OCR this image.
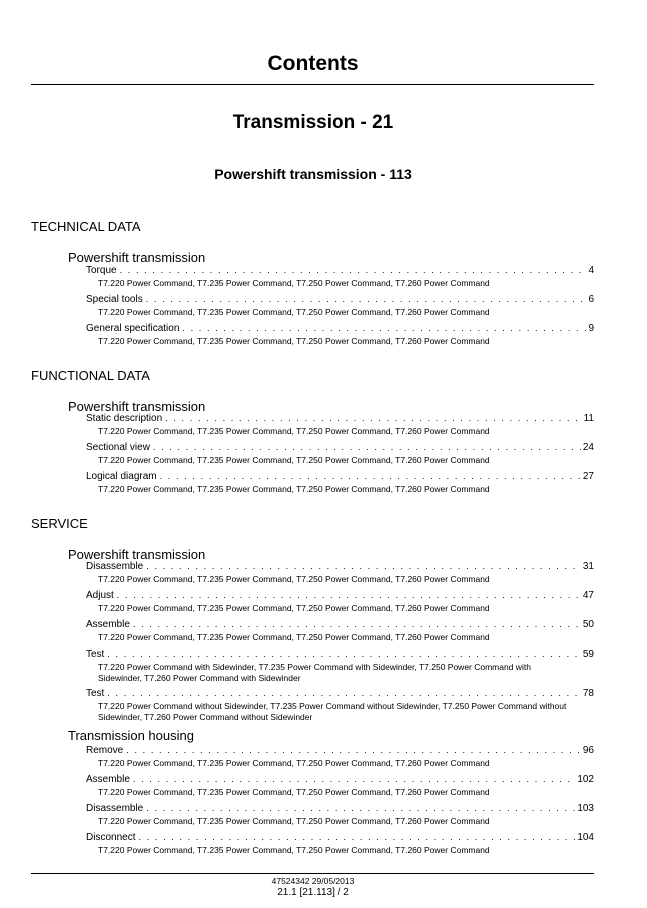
Contents
Transmission - 21
Powershift transmission - 113
TECHNICAL DATA
Powershift transmission
Torque . . .	4
T7.220 Power Command, T7.235 Power Command, T7.250 Power Command, T7.260 Power Command
Special tools . . .	6
T7.220 Power Command, T7.235 Power Command, T7.250 Power Command, T7.260 Power Command
General specification . . .	9
T7.220 Power Command, T7.235 Power Command, T7.250 Power Command, T7.260 Power Command
FUNCTIONAL DATA
Powershift transmission
Static description . . .	11
T7.220 Power Command, T7.235 Power Command, T7.250 Power Command, T7.260 Power Command
Sectional view . . .	24
T7.220 Power Command, T7.235 Power Command, T7.250 Power Command, T7.260 Power Command
Logical diagram . . .	27
T7.220 Power Command, T7.235 Power Command, T7.250 Power Command, T7.260 Power Command
SERVICE
Powershift transmission
Disassemble . . .	31
T7.220 Power Command, T7.235 Power Command, T7.250 Power Command, T7.260 Power Command
Adjust . . .	47
T7.220 Power Command, T7.235 Power Command, T7.250 Power Command, T7.260 Power Command
Assemble . . .	50
T7.220 Power Command, T7.235 Power Command, T7.250 Power Command, T7.260 Power Command
Test . . .	59
T7.220 Power Command with Sidewinder, T7.235 Power Command with Sidewinder, T7.250 Power Command with Sidewinder, T7.260 Power Command with Sidewinder
Test . . .	78
T7.220 Power Command without Sidewinder, T7.235 Power Command without Sidewinder, T7.250 Power Command without Sidewinder, T7.260 Power Command without Sidewinder
Transmission housing
Remove . . .	96
T7.220 Power Command, T7.235 Power Command, T7.250 Power Command, T7.260 Power Command
Assemble . . .	102
T7.220 Power Command, T7.235 Power Command, T7.250 Power Command, T7.260 Power Command
Disassemble . . .	103
T7.220 Power Command, T7.235 Power Command, T7.250 Power Command, T7.260 Power Command
Disconnect . . .	104
T7.220 Power Command, T7.235 Power Command, T7.250 Power Command, T7.260 Power Command
47524342 29/05/2013
21.1 [21.113] / 2
